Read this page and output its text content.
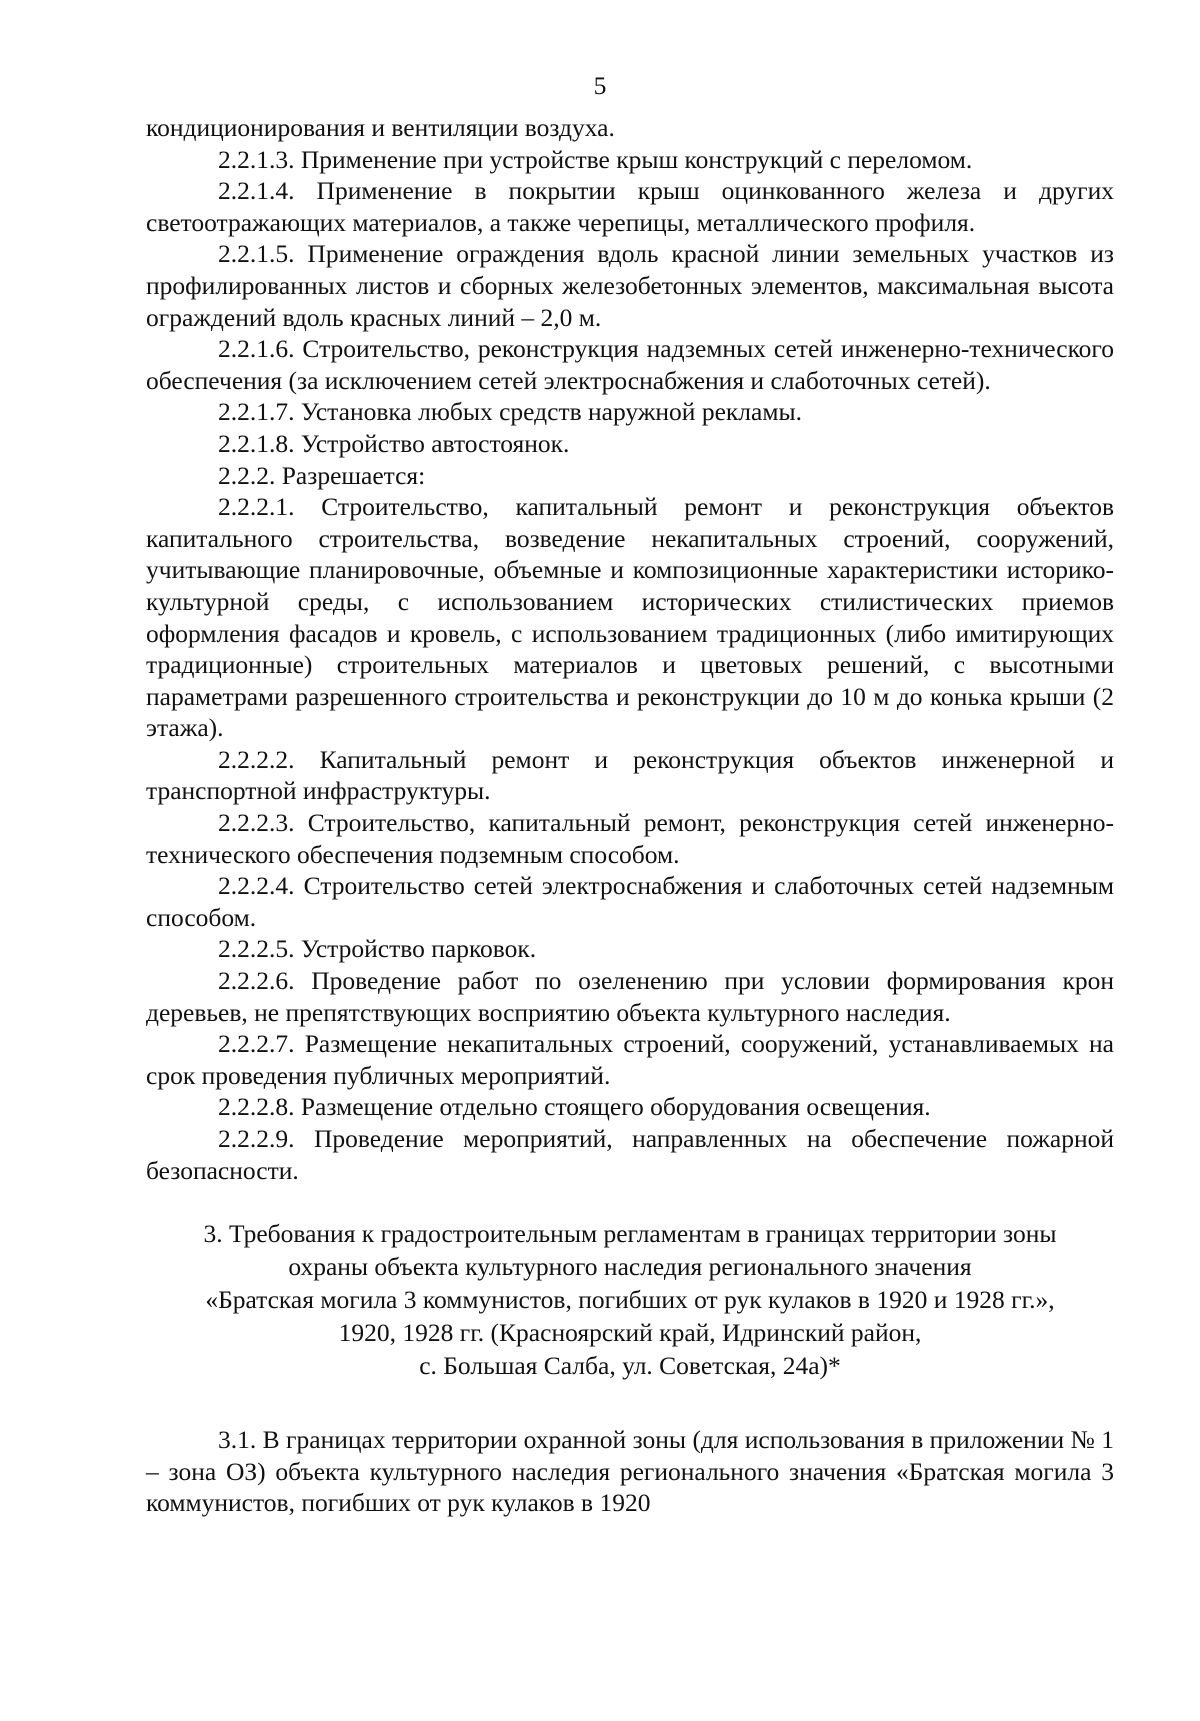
5

кондиционирования и вентиляции воздуха.

2.2.1.3. Применение при устройстве крыш конструкций с переломом.

2.2.1.4. Применение в покрытии крыш оцинкованного железа и других светоотражающих материалов, а также черепицы, металлического профиля.

2.2.1.5. Применение ограждения вдоль красной линии земельных участков из профилированных листов и сборных железобетонных элементов, максимальная высота ограждений вдоль красных линий – 2,0 м.

2.2.1.6. Строительство, реконструкция надземных сетей инженерно-технического обеспечения (за исключением сетей электроснабжения и слаботочных сетей).

2.2.1.7. Установка любых средств наружной рекламы.

2.2.1.8. Устройство автостоянок.

2.2.2. Разрешается:

2.2.2.1. Строительство, капитальный ремонт и реконструкция объектов капитального строительства, возведение некапитальных строений, сооружений, учитывающие планировочные, объемные и композиционные характеристики историко-культурной среды, с использованием исторических стилистических приемов оформления фасадов и кровель, с использованием традиционных (либо имитирующих традиционные) строительных материалов и цветовых решений, с высотными параметрами разрешенного строительства и реконструкции до 10 м до конька крыши (2 этажа).

2.2.2.2. Капитальный ремонт и реконструкция объектов инженерной и транспортной инфраструктуры.

2.2.2.3. Строительство, капитальный ремонт, реконструкция сетей инженерно-технического обеспечения подземным способом.

2.2.2.4. Строительство сетей электроснабжения и слаботочных сетей надземным способом.

2.2.2.5. Устройство парковок.

2.2.2.6. Проведение работ по озеленению при условии формирования крон деревьев, не препятствующих восприятию объекта культурного наследия.

2.2.2.7. Размещение некапитальных строений, сооружений, устанавливаемых на срок проведения публичных мероприятий.

2.2.2.8. Размещение отдельно стоящего оборудования освещения.

2.2.2.9. Проведение мероприятий, направленных на обеспечение пожарной безопасности.

3. Требования к градостроительным регламентам в границах территории зоны

охраны объекта культурного наследия регионального значения

«Братская могила 3 коммунистов, погибших от рук кулаков в 1920 и 1928 гг.»,

1920, 1928 гг. (Красноярский край, Идринский район,

с. Большая Салба, ул. Советская, 24а)*

3.1. В границах территории охранной зоны (для использования в приложении № 1 – зона ОЗ) объекта культурного наследия регионального значения «Братская могила 3 коммунистов, погибших от рук кулаков в 1920
